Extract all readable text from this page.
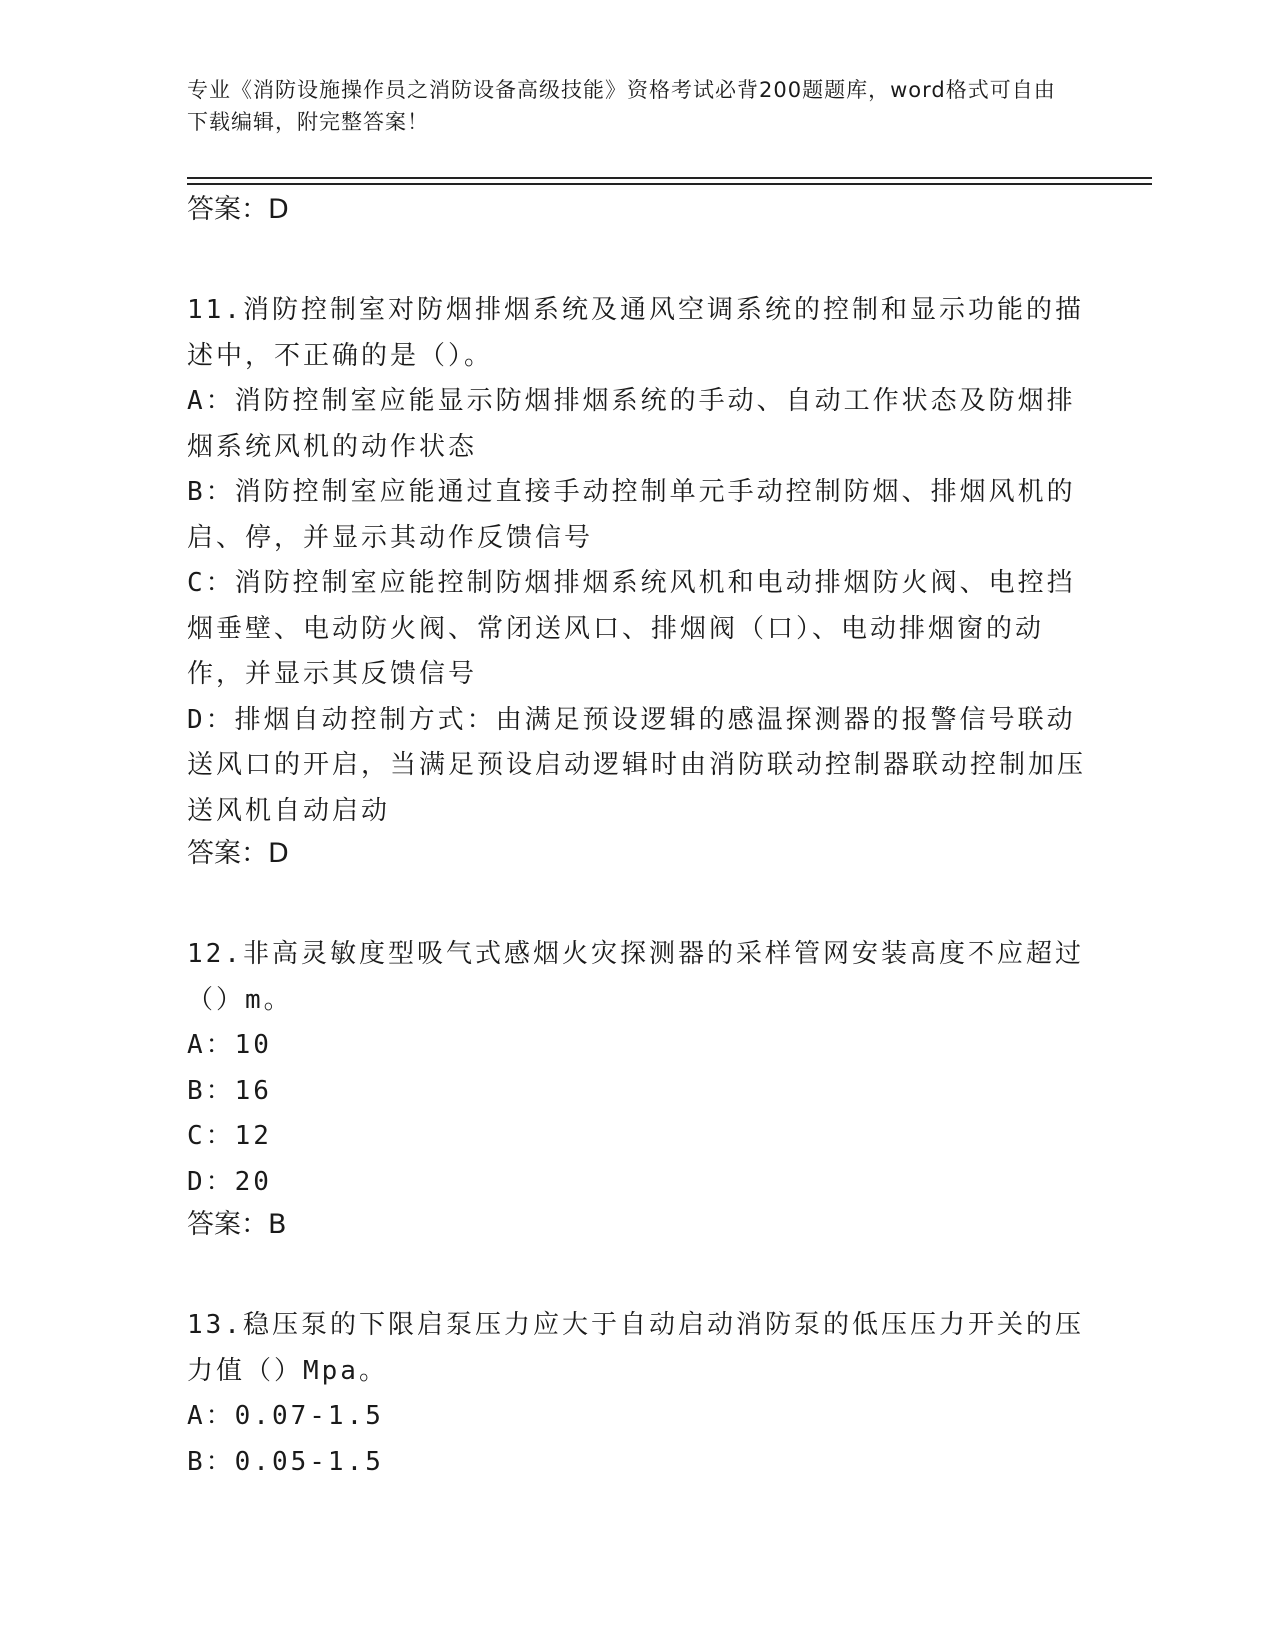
专业《消防设施操作员之消防设备高级技能》资格考试必背200题题库，word格式可自由下载编辑，附完整答案！

答案：D

11.消防控制室对防烟排烟系统及通风空调系统的控制和显示功能的描述中，不正确的是（）。

A：消防控制室应能显示防烟排烟系统的手动、自动工作状态及防烟排烟系统风机的动作状态

B：消防控制室应能通过直接手动控制单元手动控制防烟、排烟风机的启、停，并显示其动作反馈信号

C：消防控制室应能控制防烟排烟系统风机和电动排烟防火阀、电控挡烟垂壁、电动防火阀、常闭送风口、排烟阀（口）、电动排烟窗的动作，并显示其反馈信号

D：排烟自动控制方式：由满足预设逻辑的感温探测器的报警信号联动送风口的开启，当满足预设启动逻辑时由消防联动控制器联动控制加压送风机自动启动

答案：D

12.非高灵敏度型吸气式感烟火灾探测器的采样管网安装高度不应超过（）m。

A：10

B：16

C：12

D：20

答案：B

13.稳压泵的下限启泵压力应大于自动启动消防泵的低压压力开关的压力值（）Mpa。

A：0.07-1.5

B：0.05-1.5
